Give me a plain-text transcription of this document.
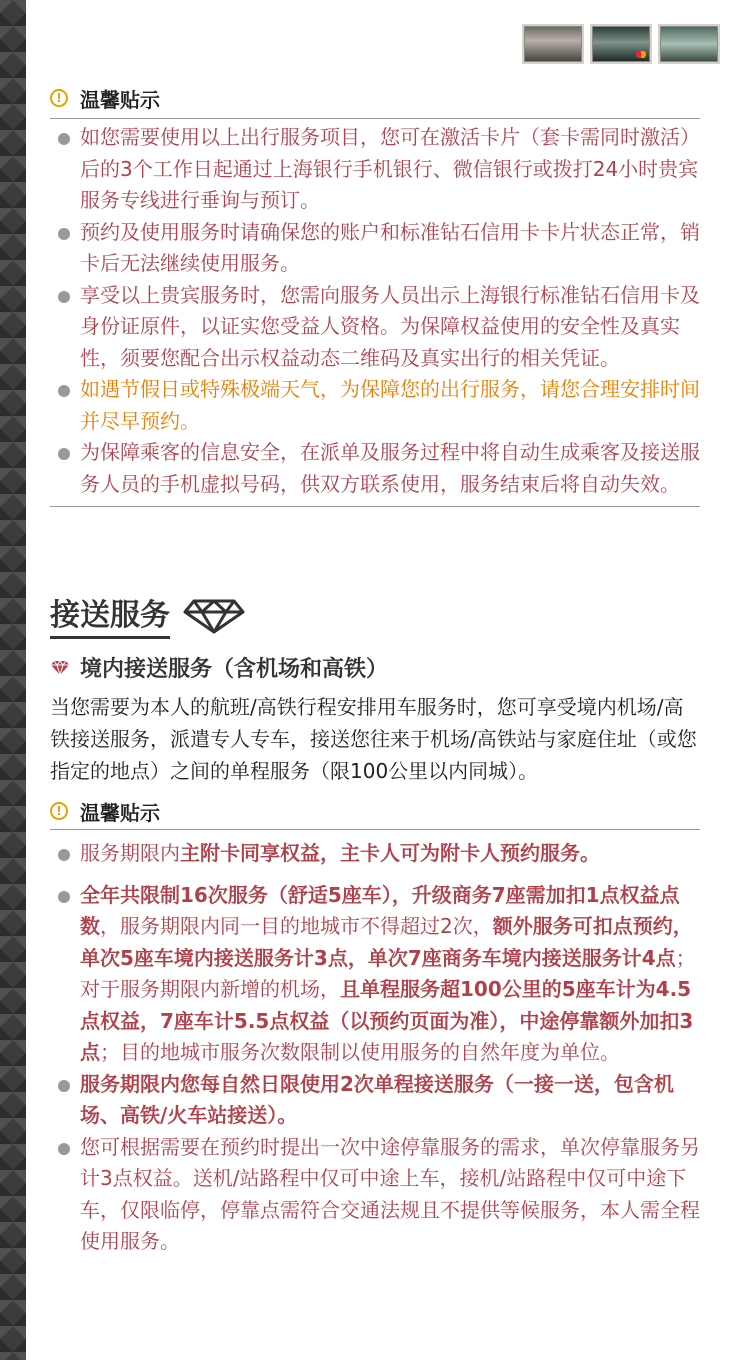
! 温馨贴示
如您需要使用以上出行服务项目，您可在激活卡片（套卡需同时激活）后的3个工作日起通过上海银行手机银行、微信银行或拨打24小时贵宾服务专线进行垂询与预订。
预约及使用服务时请确保您的账户和标准钻石信用卡卡片状态正常，销卡后无法继续使用服务。
享受以上贵宾服务时，您需向服务人员出示上海银行标准钻石信用卡及身份证原件，以证实您受益人资格。为保障权益使用的安全性及真实性，须要您配合出示权益动态二维码及真实出行的相关凭证。
如遇节假日或特殊极端天气，为保障您的出行服务，请您合理安排时间并尽早预约。
为保障乘客的信息安全，在派单及服务过程中将自动生成乘客及接送服务人员的手机虚拟号码，供双方联系使用，服务结束后将自动失效。
接送服务
境内接送服务（含机场和高铁）
当您需要为本人的航班/高铁行程安排用车服务时，您可享受境内机场/高铁接送服务，派遣专人专车，接送您往来于机场/高铁站与家庭住址（或您指定的地点）之间的单程服务（限100公里以内同城）。
! 温馨贴示
服务期限内主附卡同享权益，主卡人可为附卡人预约服务。
全年共限制16次服务（舒适5座车），升级商务7座需加扣1点权益点数，服务期限内同一目的地城市不得超过2次，额外服务可扣点预约，单次5座车境内接送服务计3点，单次7座商务车境内接送服务计4点；对于服务期限内新增的机场，且单程服务超100公里的5座车计为4.5点权益，7座车计5.5点权益（以预约页面为准），中途停靠额外加扣3点；目的地城市服务次数限制以使用服务的自然年度为单位。
服务期限内您每自然日限使用2次单程接送服务（一接一送，包含机场、高铁/火车站接送）。
您可根据需要在预约时提出一次中途停靠服务的需求，单次停靠服务另计3点权益。送机/站路程中仅可中途上车，接机/站路程中仅可中途下车，仅限临停，停靠点需符合交通法规且不提供等候服务，本人需全程使用服务。
